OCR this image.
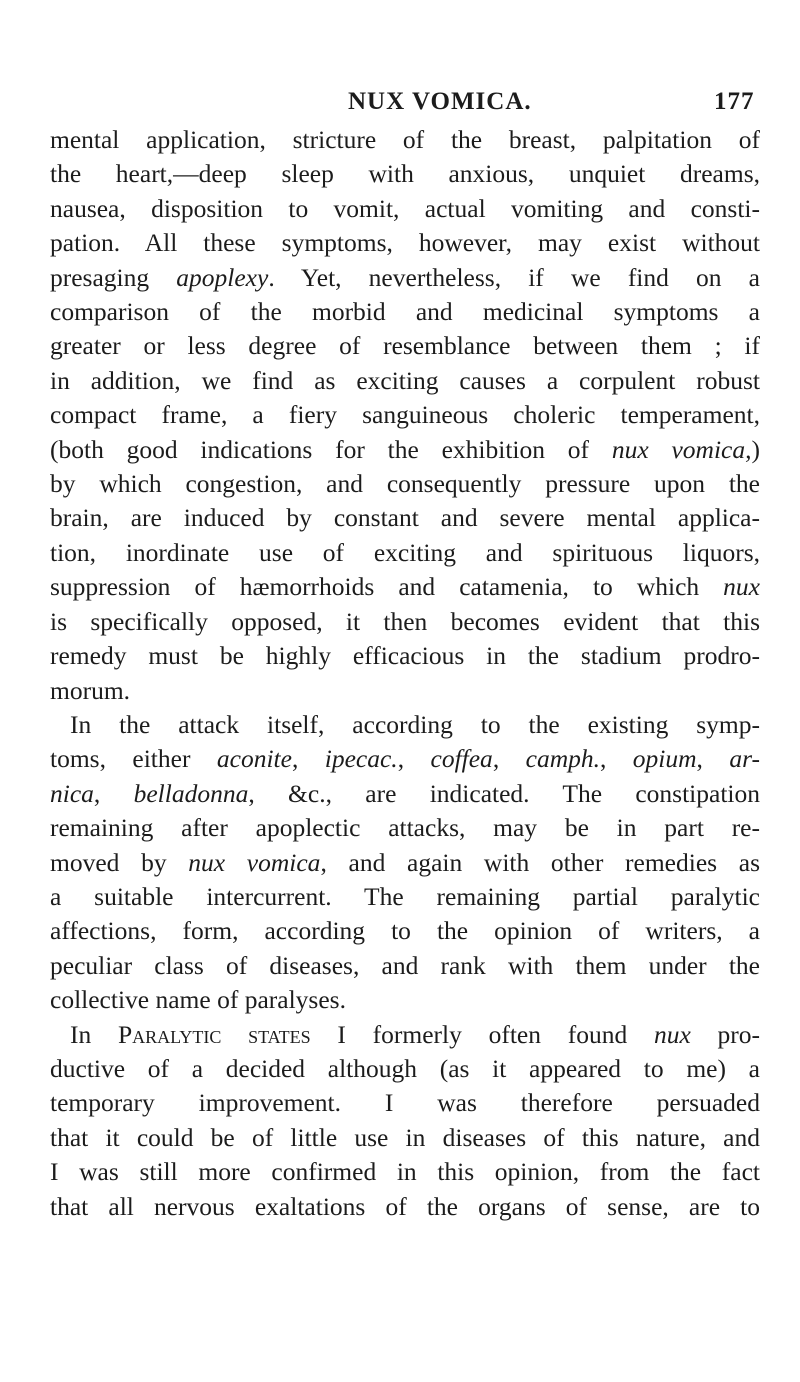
NUX VOMICA.	177
mental application, stricture of the breast, palpitation of
the heart,—deep sleep with anxious, unquiet dreams,
nausea, disposition to vomit, actual vomiting and consti-
pation. All these symptoms, however, may exist without
presaging apoplexy. Yet, nevertheless, if we find on a
comparison of the morbid and medicinal symptoms a
greater or less degree of resemblance between them ; if
in addition, we find as exciting causes a corpulent robust
compact frame, a fiery sanguineous choleric temperament,
(both good indications for the exhibition of nux vomica,)
by which congestion, and consequently pressure upon the
brain, are induced by constant and severe mental applica-
tion, inordinate use of exciting and spirituous liquors,
suppression of hæmorrhoids and catamenia, to which nux
is specifically opposed, it then becomes evident that this
remedy must be highly efficacious in the stadium prodro-
morum.
In the attack itself, according to the existing symp-
toms, either aconite, ipecac., coffea, camph., opium, ar-
nica, belladonna, &c., are indicated. The constipation
remaining after apoplectic attacks, may be in part re-
moved by nux vomica, and again with other remedies as
a suitable intercurrent. The remaining partial paralytic
affections, form, according to the opinion of writers, a
peculiar class of diseases, and rank with them under the
collective name of paralyses.
In Paralytic states I formerly often found nux pro-
ductive of a decided although (as it appeared to me) a
temporary improvement. I was therefore persuaded
that it could be of little use in diseases of this nature, and
I was still more confirmed in this opinion, from the fact
that all nervous exaltations of the organs of sense, are to
